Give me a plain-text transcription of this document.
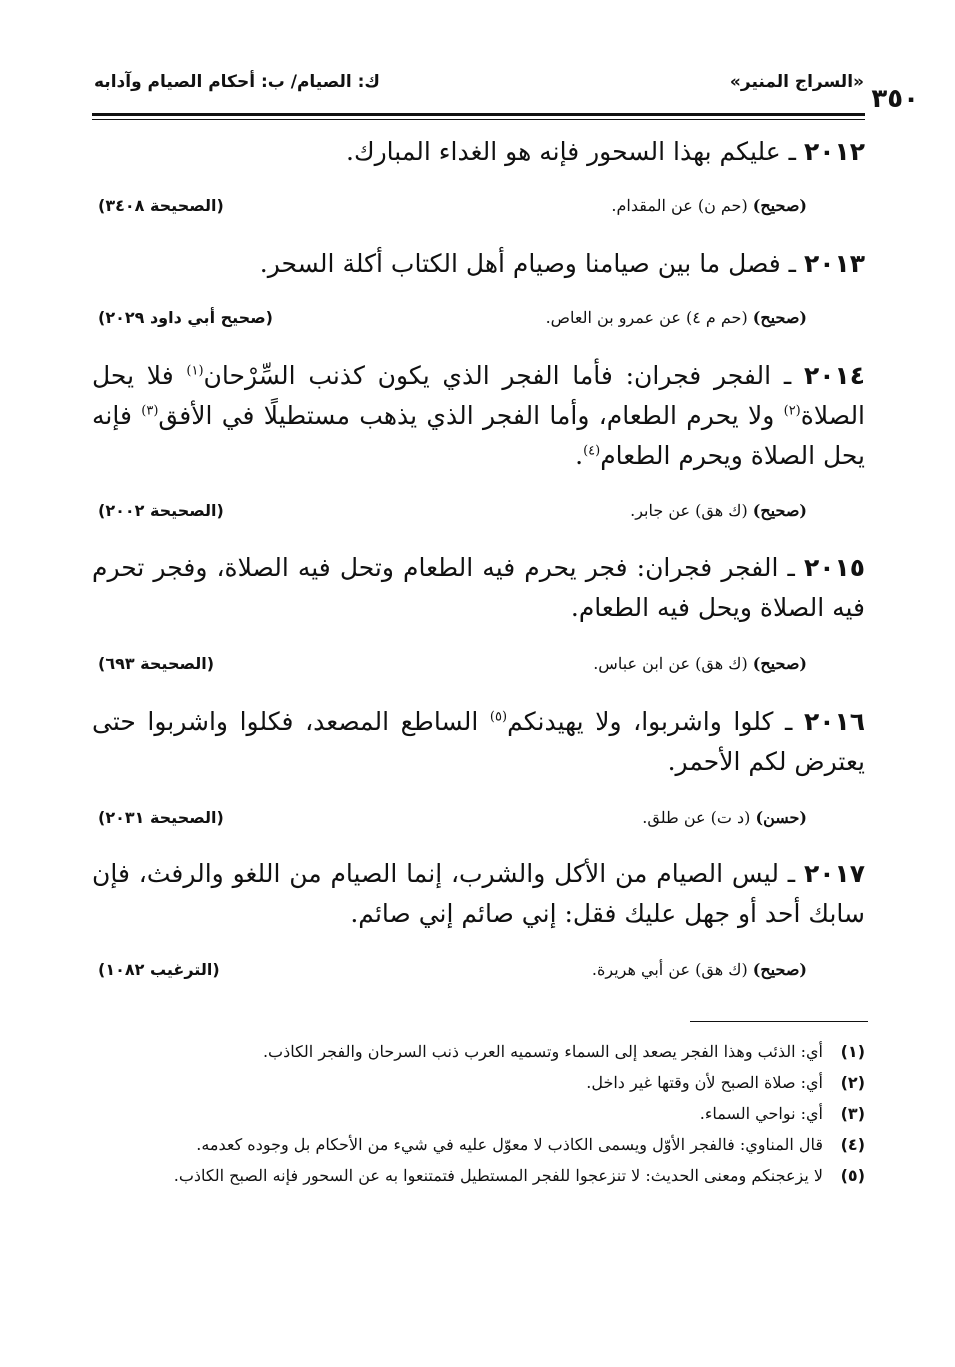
٣٥٠
«السراج المنير»
ك: الصيام/ ب: أحكام الصيام وآدابه
٢٠١٢ ـ عليكم بهذا السحور فإنه هو الغداء المبارك.
(صحيح) (حم ن) عن المقدام.
(الصحيحة ٣٤٠٨)
٢٠١٣ ـ فصل ما بين صيامنا وصيام أهل الكتاب أكلة السحر.
(صحيح) (حم م ٤) عن عمرو بن العاص.
(صحيح أبي داود ٢٠٢٩)
٢٠١٤ ـ الفجر فجران: فأما الفجر الذي يكون كذنب السِّرْحان$^{(١)}$ فلا يحل الصلاة$^{(٢)}$ ولا يحرم الطعام، وأما الفجر الذي يذهب مستطيلًا في الأفق$^{(٣)}$ فإنه يحل الصلاة ويحرم الطعام$^{(٤)}$.
(صحيح) (ك هق) عن جابر.
(الصحيحة ٢٠٠٢)
٢٠١٥ ـ الفجر فجران: فجر يحرم فيه الطعام وتحل فيه الصلاة، وفجر تحرم فيه الصلاة ويحل فيه الطعام.
(صحيح) (ك هق) عن ابن عباس.
(الصحيحة ٦٩٣)
٢٠١٦ ـ كلوا واشربوا، ولا يهيدنكم$^{(٥)}$ الساطع المصعد، فكلوا واشربوا حتى يعترض لكم الأحمر.
(حسن) (د ت) عن طلق.
(الصحيحة ٢٠٣١)
٢٠١٧ ـ ليس الصيام من الأكل والشرب، إنما الصيام من اللغو والرفث، فإن سابك أحد أو جهل عليك فقل: إني صائم إني صائم.
(صحيح) (ك هق) عن أبي هريرة.
(الترغيب ١٠٨٢)
(١)
أي: الذئب وهذا الفجر يصعد إلى السماء وتسميه العرب ذنب السرحان والفجر الكاذب.
(٢)
أي: صلاة الصبح لأن وقتها غير داخل.
(٣)
أي: نواحي السماء.
(٤)
قال المناوي: فالفجر الأوّل ويسمى الكاذب لا معوّل عليه في شيء من الأحكام بل وجوده كعدمه.
(٥)
لا يزعجنكم ومعنى الحديث: لا تنزعجوا للفجر المستطيل فتمتنعوا به عن السحور فإنه الصبح الكاذب.
